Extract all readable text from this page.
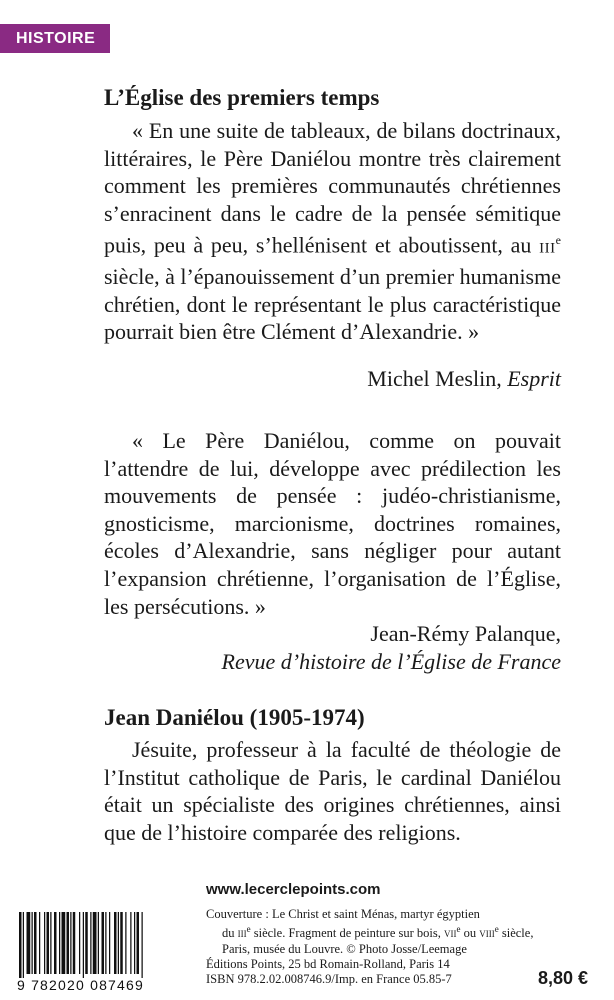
HISTOIRE
L’Église des premiers temps

« En une suite de tableaux, de bilans doctrinaux, littéraires, le Père Daniélou montre très clairement comment les premières communautés chrétiennes s’enracinent dans le cadre de la pensée sémitique puis, peu à peu, s’hellénisent et aboutissent, au IIIe siècle, à l’épanouissement d’un premier humanisme chrétien, dont le représentant le plus caractéristique pourrait bien être Clément d’Alexandrie. »

Michel Meslin, Esprit

« Le Père Daniélou, comme on pouvait l’attendre de lui, développe avec prédilection les mouvements de pensée : judéo-christianisme, gnosticisme, marcionisme, doctrines romaines, écoles d’Alexandrie, sans négliger pour autant l’expansion chrétienne, l’organisation de l’Église, les persécutions. »

Jean-Rémy Palanque,
Revue d’histoire de l’Église de France
Jean Daniélou (1905-1974)

Jésuite, professeur à la faculté de théologie de l’Institut catholique de Paris, le cardinal Daniélou était un spécialiste des origines chrétiennes, ainsi que de l’histoire comparée des religions.

www.lecerclepoints.com
9 782020 087469
Couverture : Le Christ et saint Ménas, martyr égyptien
du IIIe siècle. Fragment de peinture sur bois, VIIe ou VIIIe siècle,
Paris, musée du Louvre. © Photo Josse/Leemage
Éditions Points, 25 bd Romain-Rolland, Paris 14
ISBN 978.2.02.008746.9/Imp. en France 05.85-7	8,80 €
